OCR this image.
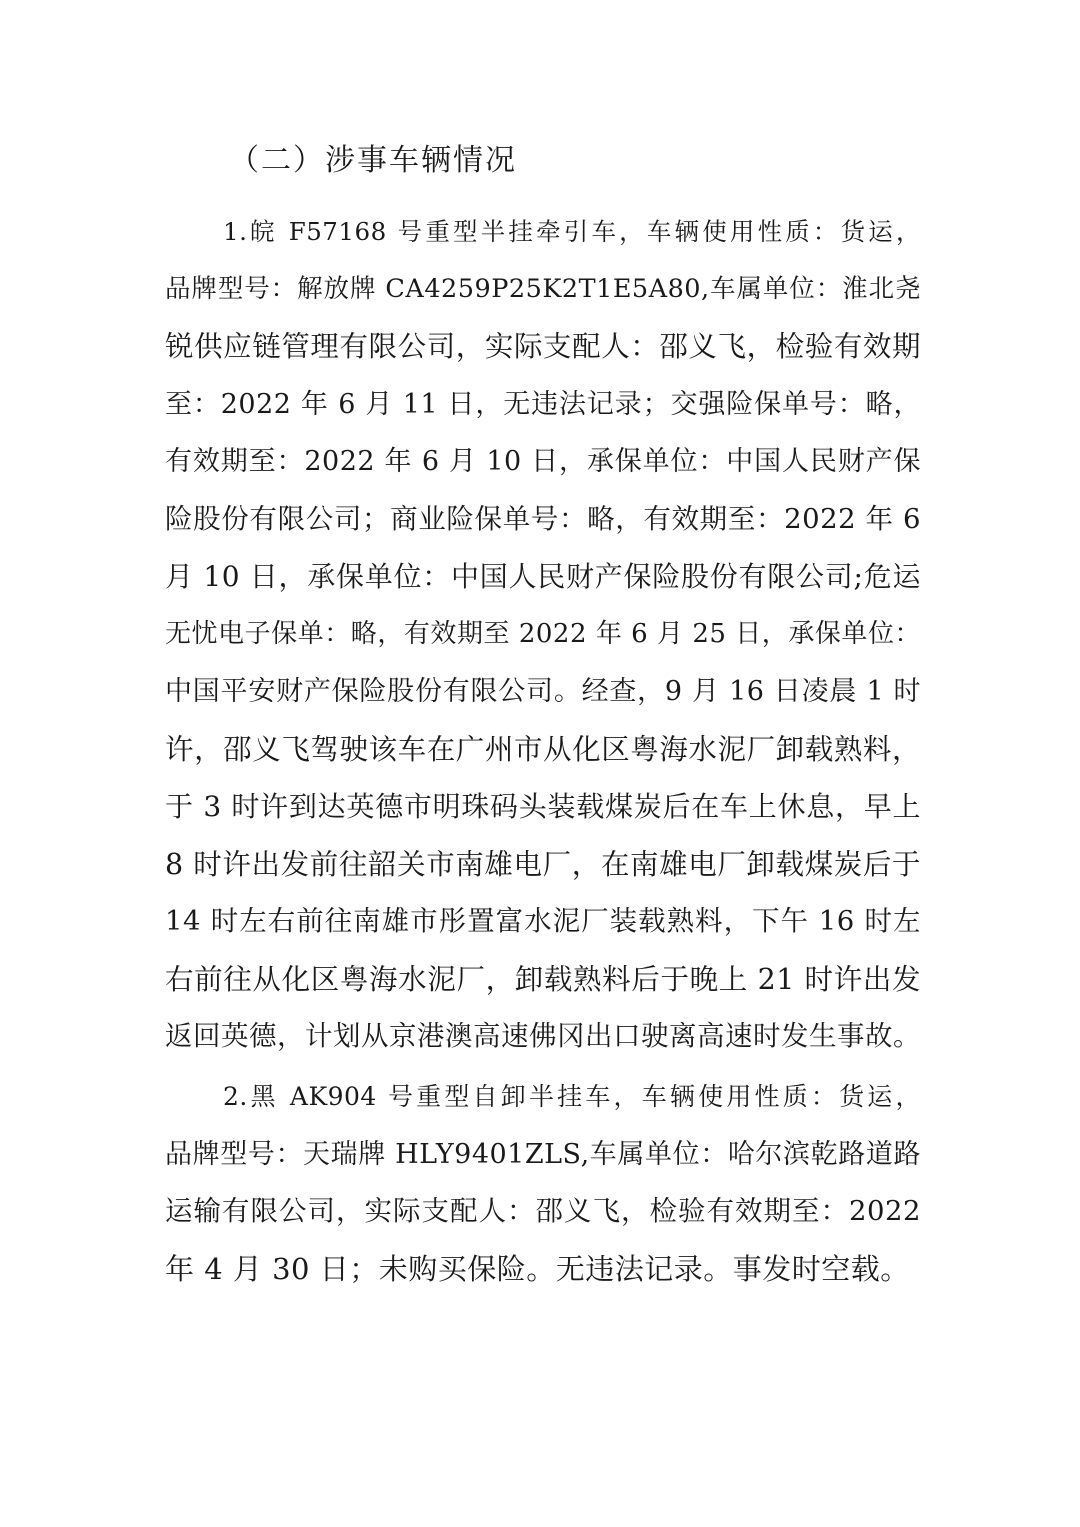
（二）涉事车辆情况
1.皖 F57168 号重型半挂牵引车，车辆使用性质：货运，
品牌型号：解放牌 CA4259P25K2T1E5A80,车属单位：淮北尧
锐供应链管理有限公司，实际支配人：邵义飞，检验有效期
至：2022 年 6 月 11 日，无违法记录；交强险保单号：略，
有效期至：2022 年 6 月 10 日，承保单位：中国人民财产保
险股份有限公司；商业险保单号：略，有效期至：2022 年 6
月 10 日，承保单位：中国人民财产保险股份有限公司;危运
无忧电子保单：略，有效期至 2022 年 6 月 25 日，承保单位：
中国平安财产保险股份有限公司。经查，9 月 16 日凌晨 1 时
许，邵义飞驾驶该车在广州市从化区粤海水泥厂卸载熟料，
于 3 时许到达英德市明珠码头装载煤炭后在车上休息，早上
8 时许出发前往韶关市南雄电厂，在南雄电厂卸载煤炭后于
14 时左右前往南雄市彤置富水泥厂装载熟料，下午 16 时左
右前往从化区粤海水泥厂，卸载熟料后于晚上 21 时许出发
返回英德，计划从京港澳高速佛冈出口驶离高速时发生事故。
2.黑 AK904 号重型自卸半挂车，车辆使用性质：货运，
品牌型号：天瑞牌 HLY9401ZLS,车属单位：哈尔滨乾路道路
运输有限公司，实际支配人：邵义飞，检验有效期至：2022
年 4 月 30 日；未购买保险。无违法记录。事发时空载。
